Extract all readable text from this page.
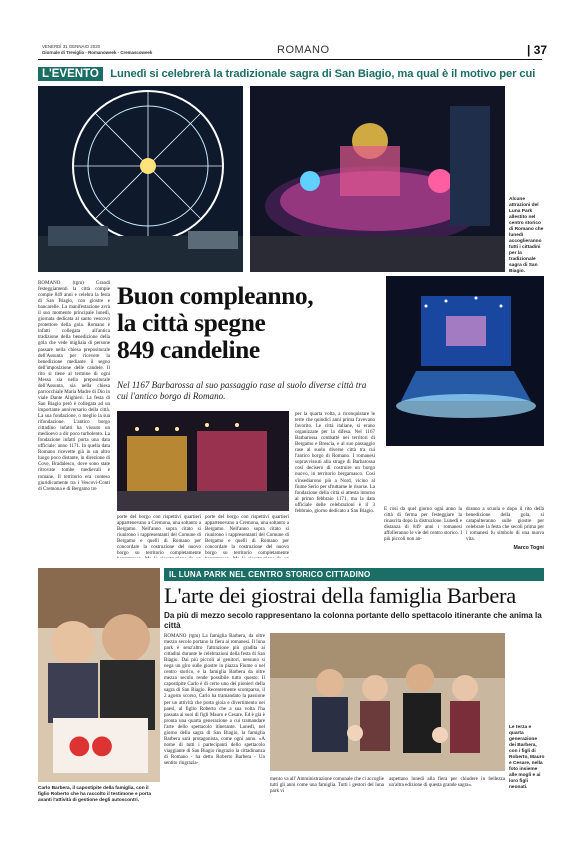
VENERDÌ 31 GENNAIO 2020
Giornale di Treviglio - Romanoweek - Cremascoweek	ROMANO	| 37
L'EVENTO Lunedì si celebrerà la tradizionale sagra di San Biagio, ma qual è il motivo per cui
Alcune attrazioni del Luna Park allestito nel centro storico di Romano che lunedì accoglieranno tutti i cittadini per la tradizionale sagra di San Biagio.
ROMANO (tgm) Grandi festeggiamenti la città compie compie 849 anni e celebra la festa di San Biagio, con giostre e bancarelle. La manifestazione avrà il suo momento principale lunedì, giornata dedicata al santo vescovo protettore della gola. Romano è infatti collegata all'antica tradizione della benedizione della gola che vede migliaia di persone passare nella chiesa prepositurale dell'Assunta per ricevere la benedizione mediante il segno dell'imposizione delle candele. Il rito si tiene al termine di ogni Messa sia nella prepositurale dell'Assunta, sia nella chiesa parrocchiale Maria Madre di Dio in viale Dante Alighieri. La festa di San Biagio però è collegata ad un importante anniversario della città. La sua fondazione, o meglio la sua rifondazione. L'antico borgo cittadino infatti ha vissuto un medioevo a dir poco turbolento. La fondazione infatti porta una data ufficiale: anno 1171. In quella data Romano ricevette già in un altro luogo poco distante, in direzione di Cove, Bradalesco, dove sono state ritrovate tombe medievali e romane. Il territorio era conteso giuridicamente tra i Vescovi-Conti di Cremona e di Bergamo tre
Buon compleanno,
la città spegne
849 candeline
Nel 1167 Barbarossa al suo passaggio rase al suolo diverse città tra cui l'antico borgo di Romano.
porte del borgo con rispettivi quartieri appartenevano a Cremona, una soltanto a Bergamo. Nell'anno sopra citato si riunirono i rappresentanti del Comune di Bergamo e quelli di Romano per concordare la costruzione del nuovo borgo su territorio completamente
porte del borgo con rispettivi quartieri appartenevano a Cremona, una soltanto a Bergamo. Nell'anno sopra citato si riunirono i rappresentanti del Comune di Bergamo e quelli di Romano per concordare la costruzione del nuovo borgo su territorio completamente
per la quarta volta, a riconquistare le terre che quindici anni prima l'avevano favorito. Le città italiane, si erano organizzate per la difesa. Nel 1167 Barbarossa combatté nei territori di Bergamo e Brescia, e al suo passaggio rase al suolo diverse città tra cui l'antico borgo di Romano. I romanesi sopravvissuti alla strage di Barbarossa così decisero di costruire un borgo nuovo, in territorio bergamasco. Così s'insediarono più a Nord, vicino al fiume Serio per sfruttarne le risorse. La fondazione della città si attesta intorno al primo febbraio 1171, ma la data ufficiale delle celebrazioni è il 3 febbraio, giorno dedicato a San Biagio. E così da quel giorno ogni anno la città di ferma per festeggiare la rinascita dopo la distruzione. Lunedì e distanza di 849 anni i romanesi affolleranno le vie del centro storico. I più piccoli non an-
dranno a scuola e dopo il rito della benedizione della gola, si catapulteranno sulle giostre per celebrare la festa che secoli prima per i romanesi fu simbolo di una nuova vita.
Marco Togni
●●
Carlo Barbera, il capostipite della famiglia, con il figlio Roberto che ha raccolto il testimone e porta avanti l'attività di gestione degli autoscontri.
IL LUNA PARK NEL CENTRO STORICO CITTADINO
L'arte dei giostrai della famiglia Barbera
Da più di mezzo secolo rappresentano la colonna portante dello spettacolo itinerante che anima la città
ROMANO (tgm) La famiglia Barbera, da oltre mezzo secolo portano la fiera ai romanesi. Il luna park è senz'altro l'attrazione più gradita ai cittadini durante le celebrazioni della festa di San Biagio. Dai più piccoli ai genitori, nessuno si nega un giro sulle giostre in piazza Fiume o nel centro storico, e la famiglia Barbera da oltre mezzo secolo rende possibile tutto questo. Il capostipite Carlo è di certo uno dei pionieri della sagra di San Biagio. Recentemente scomparso, il 2 agosto scorso, Carlo ha tramandato la passione per un attività che porta gioia e divertimento nei paesi, al figlio Roberto che a sua volta l'ha passata ai suoi di figli Mauro e Cesare. Ed è già è pronta una quarta generazione a cui tramandare l'arte dello spettacolo itinerante. Lunedì, nel giorno della sagra di San Biagio, la famiglia Barbera sarà protagonista, come ogni anno. «A nome di tutti i partecipanti dello spettacolo viaggiante di San Biagio ringrazio la cittadinanza di Romano - ha detto Roberto Barbera - Un sentito ringrazia-
Le terza e quarta generazione dei Barbera, con i figli di Roberto, Mauro e Cesare, nella foto insieme alle mogli e ai loro figli neonati.
mento va all' Amministrazione comunale che ci accoglie tutti gli anni come una famiglia. Tutti i gestori del luna park vi
aspettano lunedì alla fiera per chiudere in bellezza un'altra edizione di questa grande sagra».
